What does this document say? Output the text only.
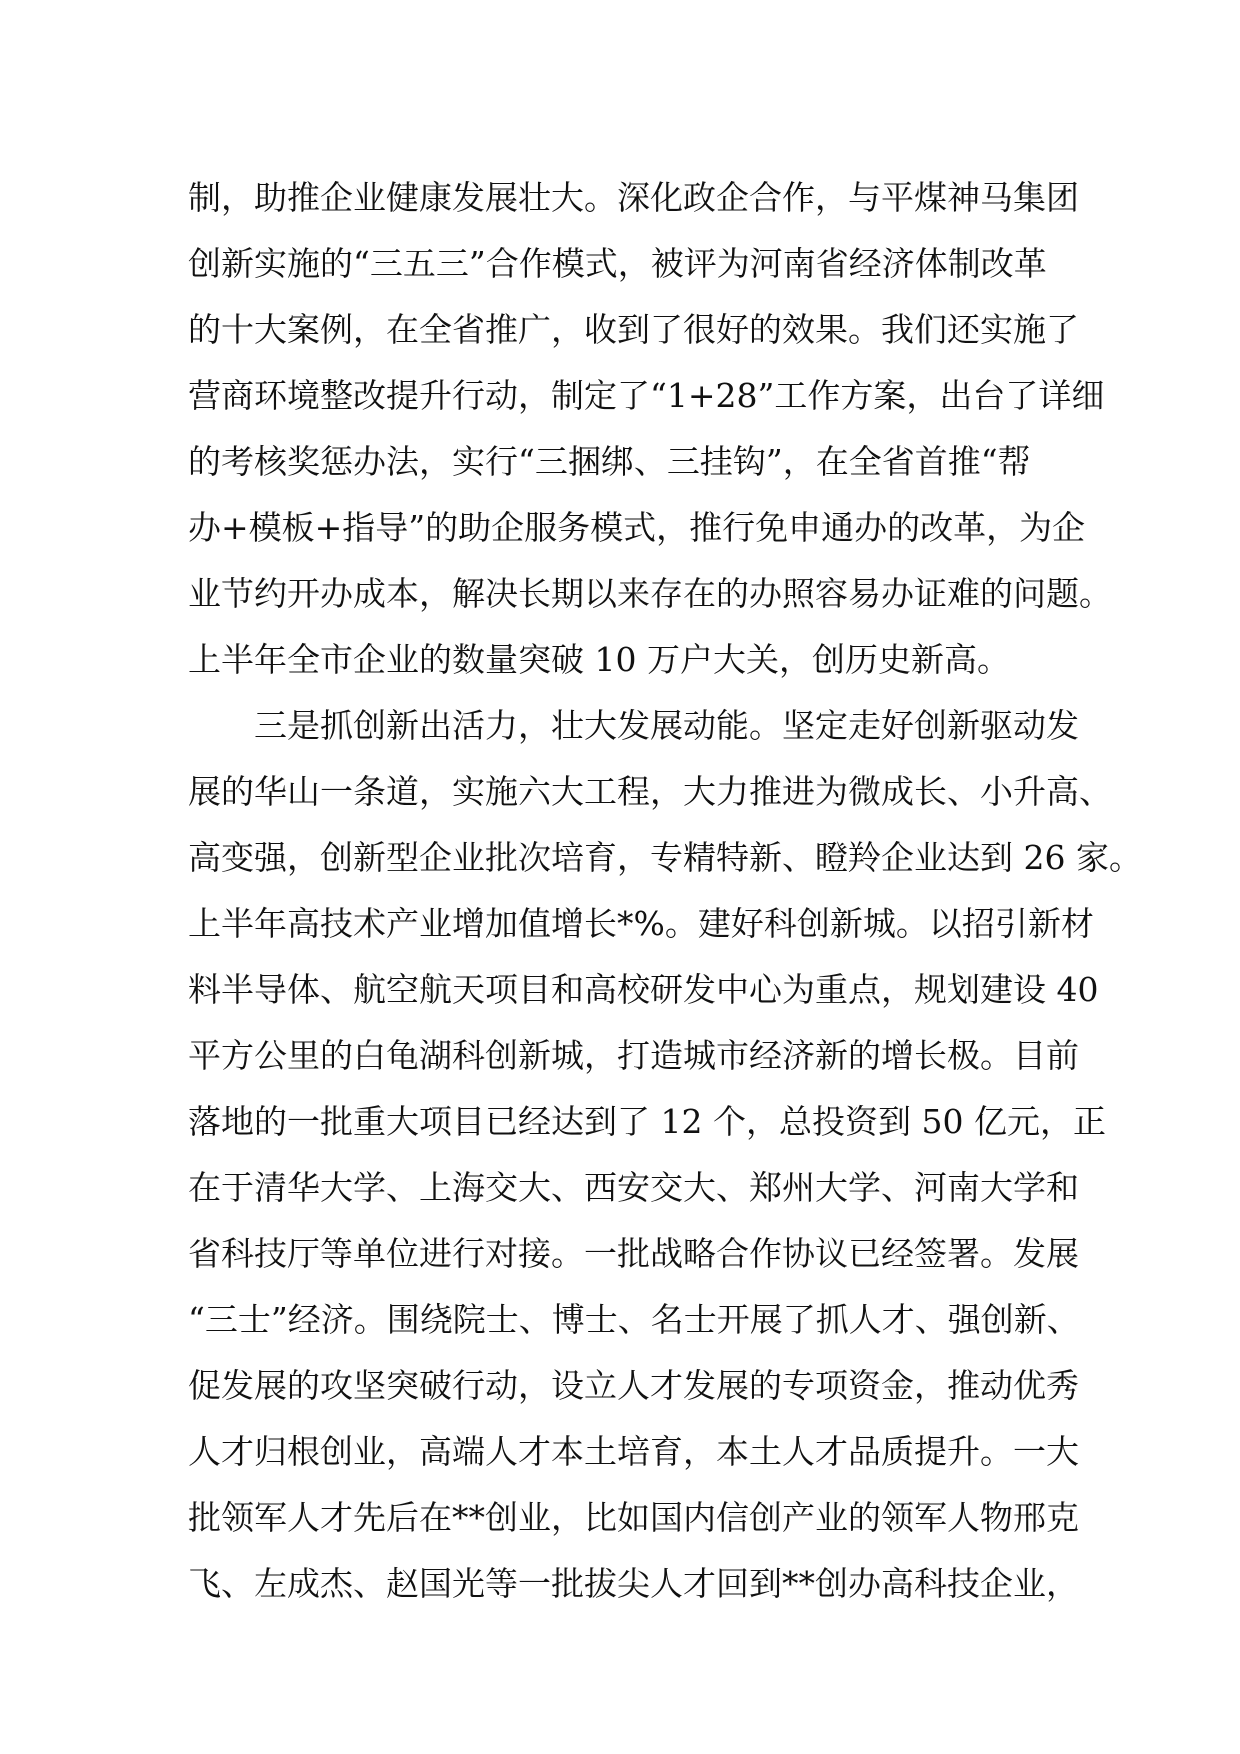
制，助推企业健康发展壮大。深化政企合作，与平煤神马集团
创新实施的“三五三”合作模式，被评为河南省经济体制改革
的十大案例，在全省推广，收到了很好的效果。我们还实施了
营商环境整改提升行动，制定了“1+28”工作方案，出台了详细
的考核奖惩办法，实行“三捆绑、三挂钩”，在全省首推“帮
办+模板+指导”的助企服务模式，推行免申通办的改革，为企
业节约开办成本，解决长期以来存在的办照容易办证难的问题。
上半年全市企业的数量突破 10 万户大关，创历史新高。
三是抓创新出活力，壮大发展动能。坚定走好创新驱动发
展的华山一条道，实施六大工程，大力推进为微成长、小升高、
高变强，创新型企业批次培育，专精特新、瞪羚企业达到 26 家。
上半年高技术产业增加值增长*%。建好科创新城。以招引新材
料半导体、航空航天项目和高校研发中心为重点，规划建设 40
平方公里的白龟湖科创新城，打造城市经济新的增长极。目前
落地的一批重大项目已经达到了 12 个，总投资到 50 亿元，正
在于清华大学、上海交大、西安交大、郑州大学、河南大学和
省科技厅等单位进行对接。一批战略合作协议已经签署。发展
“三士”经济。围绕院士、博士、名士开展了抓人才、强创新、
促发展的攻坚突破行动，设立人才发展的专项资金，推动优秀
人才归根创业，高端人才本土培育，本土人才品质提升。一大
批领军人才先后在**创业，比如国内信创产业的领军人物邢克
飞、左成杰、赵国光等一批拔尖人才回到**创办高科技企业，
